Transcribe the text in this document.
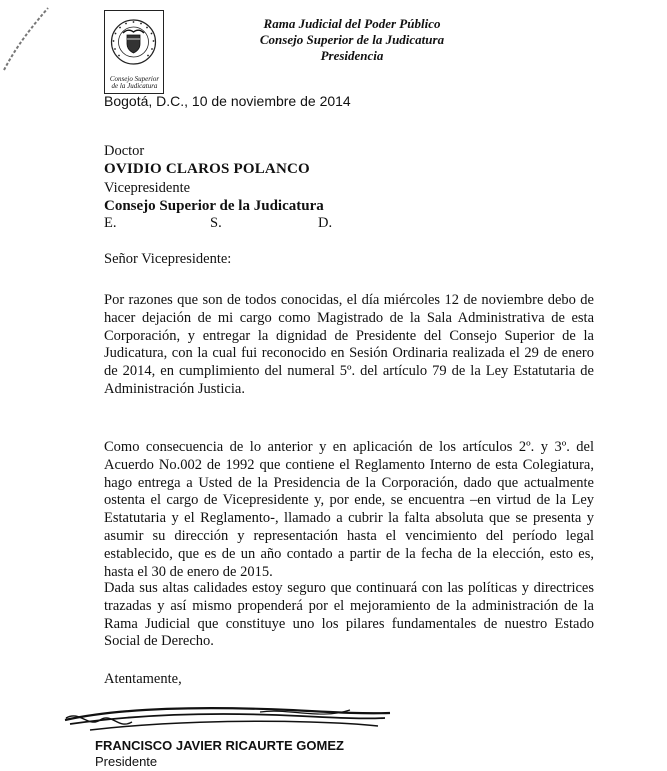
Consejo Superior
de la Judicatura
Rama Judicial del Poder Público
Consejo Superior de la Judicatura
Presidencia
Bogotá, D.C., 10 de noviembre de 2014
Doctor
OVIDIO CLAROS POLANCO
Vicepresidente
Consejo Superior de la Judicatura
E.	S.	D.
Señor Vicepresidente:
Por razones que son de todos conocidas, el día miércoles 12 de noviembre debo de hacer dejación de mi cargo como Magistrado de la Sala Administrativa de esta Corporación, y entregar la dignidad de Presidente del Consejo Superior de la Judicatura, con la cual fui reconocido en Sesión Ordinaria realizada el 29 de enero de 2014, en cumplimiento del numeral 5º. del artículo 79 de la Ley Estatutaria de Administración Justicia.
Como consecuencia de lo anterior y en aplicación de los artículos 2º. y 3º. del Acuerdo No.002 de 1992 que contiene el Reglamento Interno de esta Colegiatura, hago entrega a Usted de la Presidencia de la Corporación, dado que actualmente ostenta el cargo de Vicepresidente y, por ende, se encuentra –en virtud de la Ley Estatutaria y el Reglamento-, llamado a cubrir la falta absoluta que se presenta y asumir su dirección y representación hasta el vencimiento del período legal establecido, que es de un año contado a partir de la fecha de la elección, esto es, hasta el 30 de enero de 2015.
Dada sus altas calidades estoy seguro que continuará con las políticas y directrices trazadas y así mismo propenderá por el mejoramiento de la administración de la Rama Judicial que constituye uno los pilares fundamentales de nuestro Estado Social de Derecho.
Atentamente,
FRANCISCO JAVIER RICAURTE GOMEZ
Presidente
